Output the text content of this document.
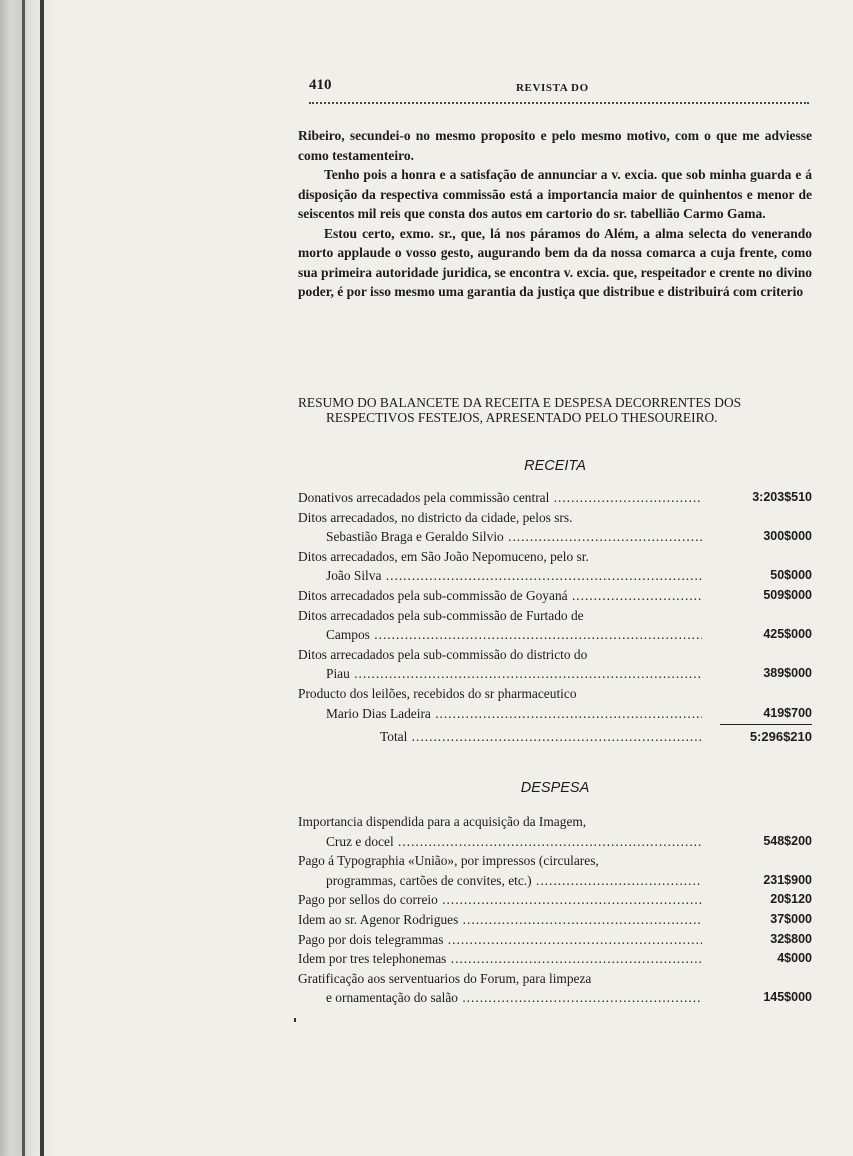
410	REVISTA DO

Ribeiro, secundei-o no mesmo proposito e pelo mesmo motivo, com o que me adviesse como testamenteiro.

Tenho pois a honra e a satisfação de annunciar a v. excia. que sob minha guarda e á disposição da respectiva commissão está a importancia maior de quinhentos e menor de seiscentos mil reis que consta dos autos em cartorio do sr. tabellião Carmo Gama.

Estou certo, exmo. sr., que, lá nos páramos do Além, a alma selecta do venerando morto applaude o vosso gesto, augurando bem da da nossa comarca a cuja frente, como sua primeira autoridade juridica, se encontra v. excia. que, respeitador e crente no divino poder, é por isso mesmo uma garantia da justiça que distribue e distribuirá com criterio

RESUMO DO BALANCETE DA RECEITA E DESPESA DECORRENTES DOS RESPECTIVOS FESTEJOS, APRESENTADO PELO THESOUREIRO.
RECEITA
Donativos arrecadados pela commissão central .....	3:203$510
Ditos arrecadados, no districto da cidade, pelos srs.
Sebastião Braga e Geraldo Silvio .....	300$000
Ditos arrecadados, em São João Nepomuceno, pelo sr.
João Silva .....	50$000
Ditos arrecadados pela sub-commissão de Goyaná .....	509$000
Ditos arrecadados pela sub-commissão de Furtado de
Campos .....	425$000
Ditos arrecadados pela sub-commissão do districto do
Piau .....	389$000
Producto dos leilões, recebidos do sr pharmaceutico
Mario Dias Ladeira .....	419$700
Total .....	5:296$210
DESPESA
Importancia dispendida para a acquisição da Imagem,
Cruz e docel .....	548$200
Pago á Typographia «União», por impressos (circulares,
programmas, cartões de convites, etc.) .....	231$900
Pago por sellos do correio .....	20$120
Idem ao sr. Agenor Rodrigues .....	37$000
Pago por dois telegrammas .....	32$800
Idem por tres telephonemas .....	4$000
Gratificação aos serventuarios do Forum, para limpeza
e ornamentação do salão .....	145$000
